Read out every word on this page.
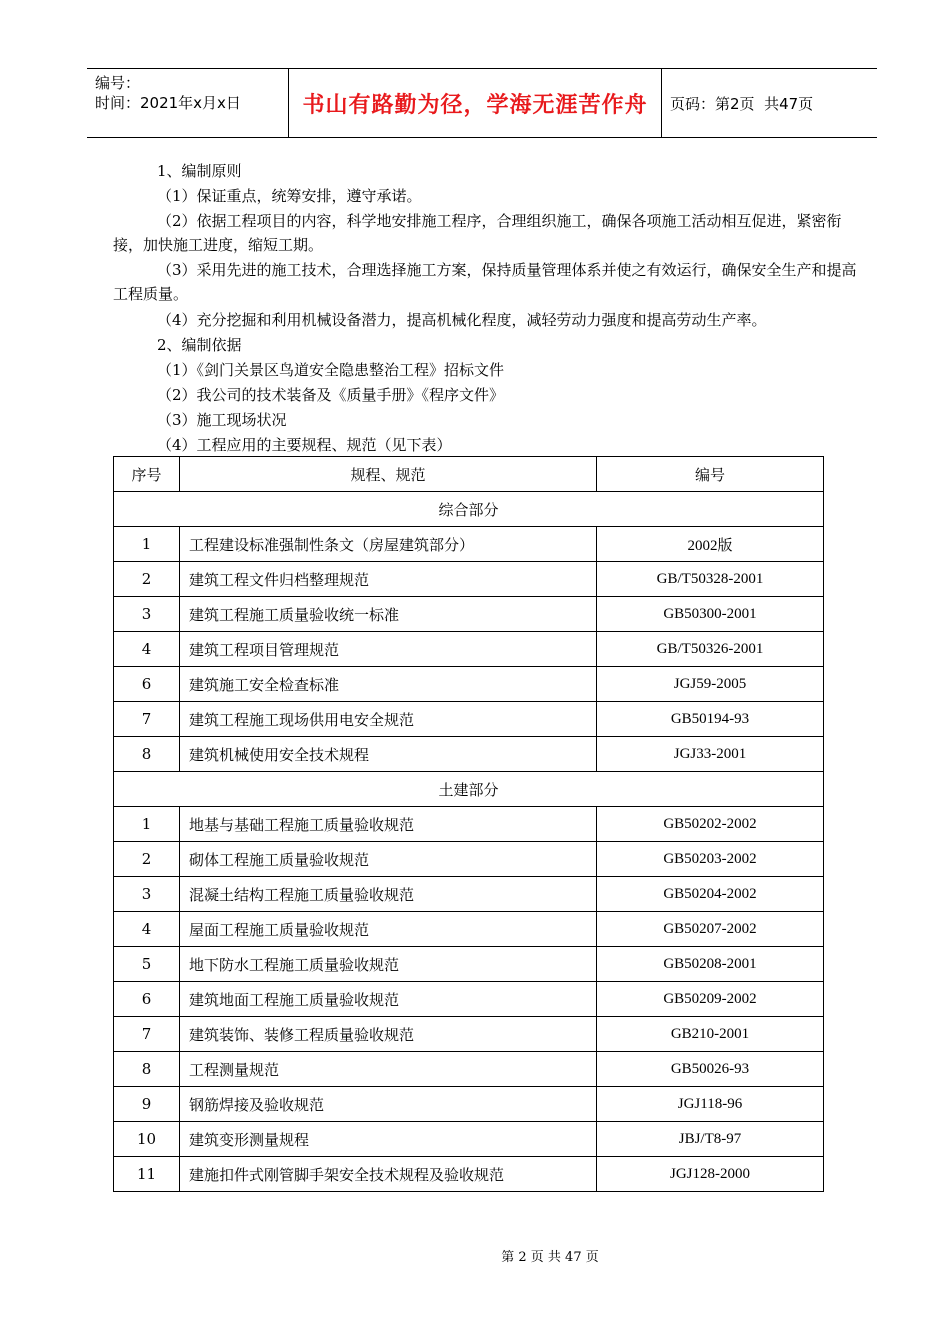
编号：
时间：2021年x月x日	书山有路勤为径，学海无涯苦作舟	页码：第2页  共47页
1、编制原则
（1）保证重点，统筹安排，遵守承诺。
（2）依据工程项目的内容，科学地安排施工程序，合理组织施工，确保各项施工活动相互促进，紧密衔接，加快施工进度，缩短工期。
（3）采用先进的施工技术，合理选择施工方案，保持质量管理体系并使之有效运行，确保安全生产和提高工程质量。
（4）充分挖掘和利用机械设备潜力，提高机械化程度，减轻劳动力强度和提高劳动生产率。
2、编制依据
（1）《剑门关景区鸟道安全隐患整治工程》招标文件
（2）我公司的技术装备及《质量手册》《程序文件》
（3）施工现场状况
（4）工程应用的主要规程、规范（见下表）
序号	规程、规范	编号
综合部分		
1	工程建设标准强制性条文（房屋建筑部分）	2002版
2	建筑工程文件归档整理规范	GB/T50328-2001
3	建筑工程施工质量验收统一标准	GB50300-2001
4	建筑工程项目管理规范	GB/T50326-2001
6	建筑施工安全检查标准	JGJ59-2005
7	建筑工程施工现场供用电安全规范	GB50194-93
8	建筑机械使用安全技术规程	JGJ33-2001
土建部分		
1	地基与基础工程施工质量验收规范	GB50202-2002
2	砌体工程施工质量验收规范	GB50203-2002
3	混凝土结构工程施工质量验收规范	GB50204-2002
4	屋面工程施工质量验收规范	GB50207-2002
5	地下防水工程施工质量验收规范	GB50208-2001
6	建筑地面工程施工质量验收规范	GB50209-2002
7	建筑装饰、装修工程质量验收规范	GB210-2001
8	工程测量规范	GB50026-93
9	钢筋焊接及验收规范	JGJ118-96
10	建筑变形测量规程	JBJ/T8-97
11	建施扣件式刚管脚手架安全技术规程及验收规范	JGJ128-2000
第 2 页 共 47 页
